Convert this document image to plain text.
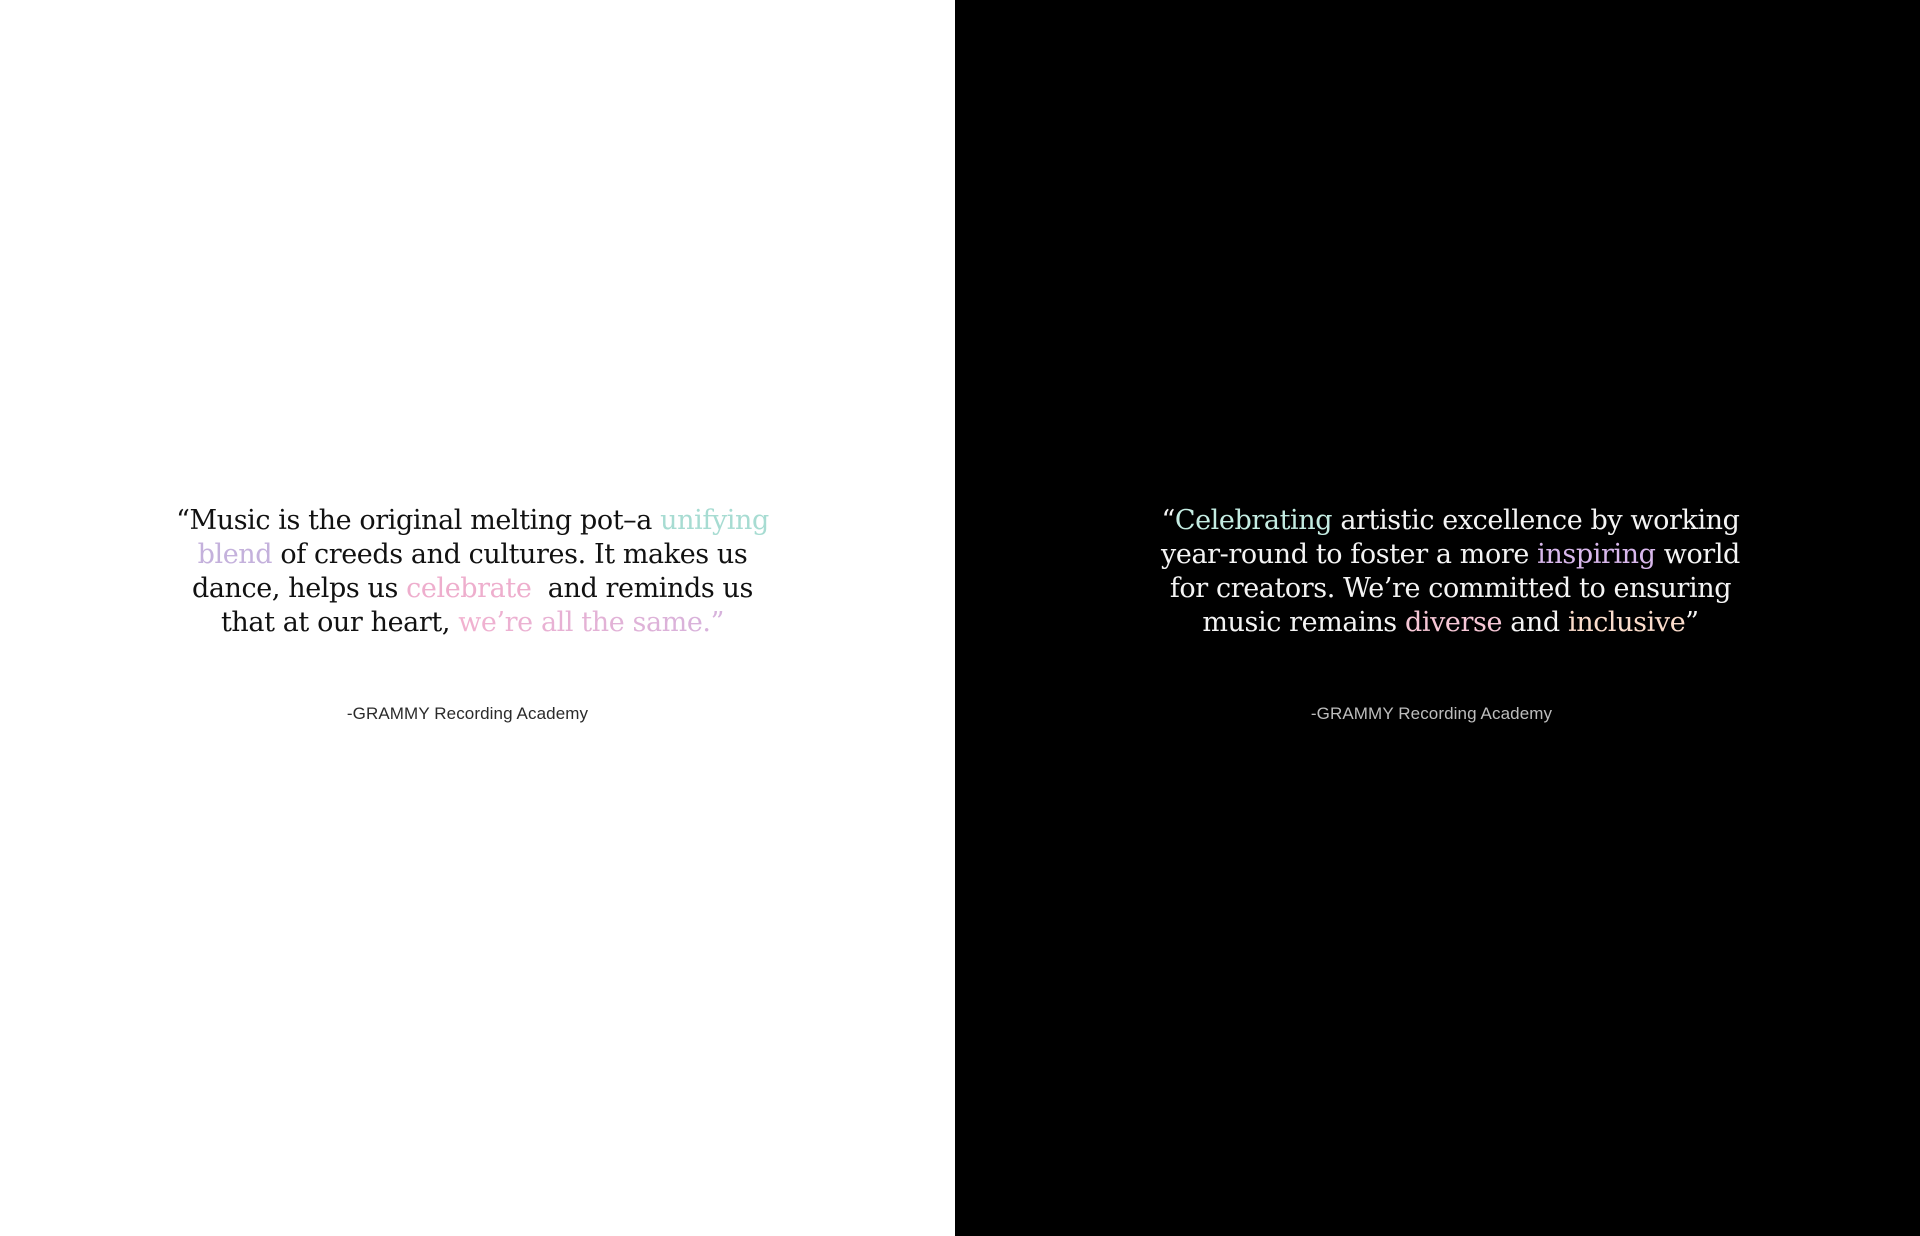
“Music is the original melting pot–a unifying
blend of creeds and cultures. It makes us
dance, helps us celebrate  and reminds us
that at our heart, we’re all the same.”
-GRAMMY Recording Academy
“Celebrating artistic excellence by working
year-round to foster a more inspiring world
for creators. We’re committed to ensuring
music remains diverse and inclusive”
-GRAMMY Recording Academy
